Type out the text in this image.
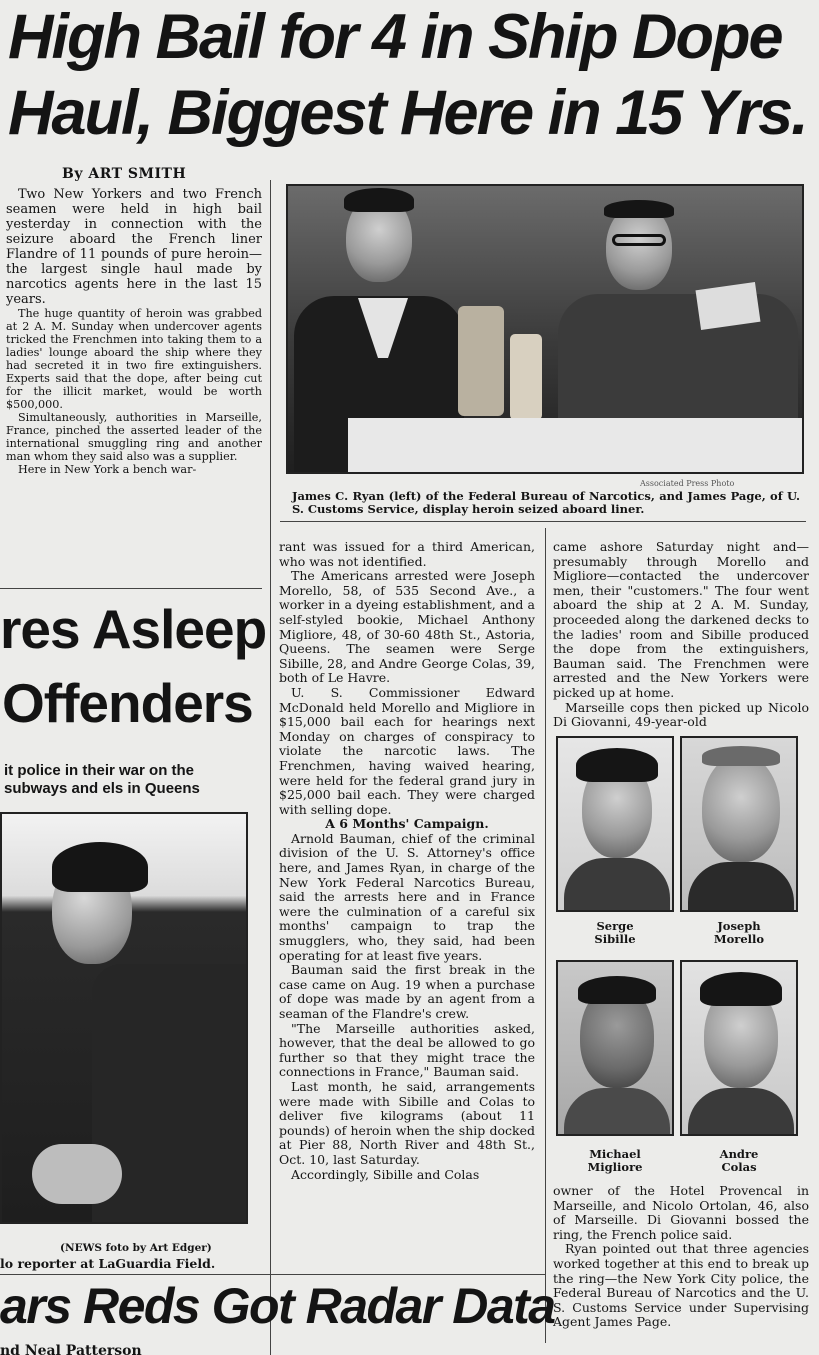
High Bail for 4 in Ship Dope
Haul, Biggest Here in 15 Yrs.
By ART SMITH

Two New Yorkers and two French seamen were held in high bail yesterday in connection with the seizure aboard the French liner Flandre of 11 pounds of pure heroin—the largest single haul made by narcotics agents here in the last 15 years.

The huge quantity of heroin was grabbed at 2 A. M. Sunday when undercover agents tricked the Frenchmen into taking them to a ladies' lounge aboard the ship where they had secreted it in two fire extinguishers. Experts said that the dope, after being cut for the illicit market, would be worth $500,000.

Simultaneously, authorities in Marseille, France, pinched the asserted leader of the international smuggling ring and another man whom they said also was a supplier.

Here in New York a bench war-

Associated Press Photo
James C. Ryan (left) of the Federal Bureau of Narcotics, and James Page, of U. S. Customs Service, display heroin seized aboard liner.

rant was issued for a third American, who was not identified.

The Americans arrested were Joseph Morello, 58, of 535 Second Ave., a worker in a dyeing establishment, and a self-styled bookie, Michael Anthony Migliore, 48, of 30-60 48th St., Astoria, Queens. The seamen were Serge Sibille, 28, and Andre George Colas, 39, both of Le Havre.

U. S. Commissioner Edward McDonald held Morello and Migliore in $15,000 bail each for hearings next Monday on charges of conspiracy to violate the narcotic laws. The Frenchmen, having waived hearing, were held for the federal grand jury in $25,000 bail each. They were charged with selling dope.

A 6 Months' Campaign.

Arnold Bauman, chief of the criminal division of the U. S. Attorney's office here, and James Ryan, in charge of the New York Federal Narcotics Bureau, said the arrests here and in France were the culmination of a careful six months' campaign to trap the smugglers, who, they said, had been operating for at least five years.

Bauman said the first break in the case came on Aug. 19 when a purchase of dope was made by an agent from a seaman of the Flandre's crew.

"The Marseille authorities asked, however, that the deal be allowed to go further so that they might trace the connections in France," Bauman said.

Last month, he said, arrangements were made with Sibille and Colas to deliver five kilograms (about 11 pounds) of heroin when the ship docked at Pier 88, North River and 48th St., Oct. 10, last Saturday.

Accordingly, Sibille and Colas

came ashore Saturday night and—presumably through Morello and Migliore—contacted the undercover men, their "customers." The four went aboard the ship at 2 A. M. Sunday, proceeded along the darkened decks to the ladies' room and Sibille produced the dope from the extinguishers, Bauman said. The Frenchmen were arrested and the New Yorkers were picked up at home.

Marseille cops then picked up Nicolo Di Giovanni, 49-year-old

Serge
Sibille
Joseph
Morello
Michael
Migliore
Andre
Colas

owner of the Hotel Provencal in Marseille, and Nicolo Ortolan, 46, also of Marseille. Di Giovanni bossed the ring, the French police said.

Ryan pointed out that three agencies worked together at this end to break up the ring—the New York City police, the Federal Bureau of Narcotics and the U. S. Customs Service under Supervising Agent James Page.

res Asleep
Offenders
it police in their war on the
subways and els in Queens
(NEWS foto by Art Edger)
lo reporter at LaGuardia Field.
ars Reds Got Radar Data
nd Neal Patterson
